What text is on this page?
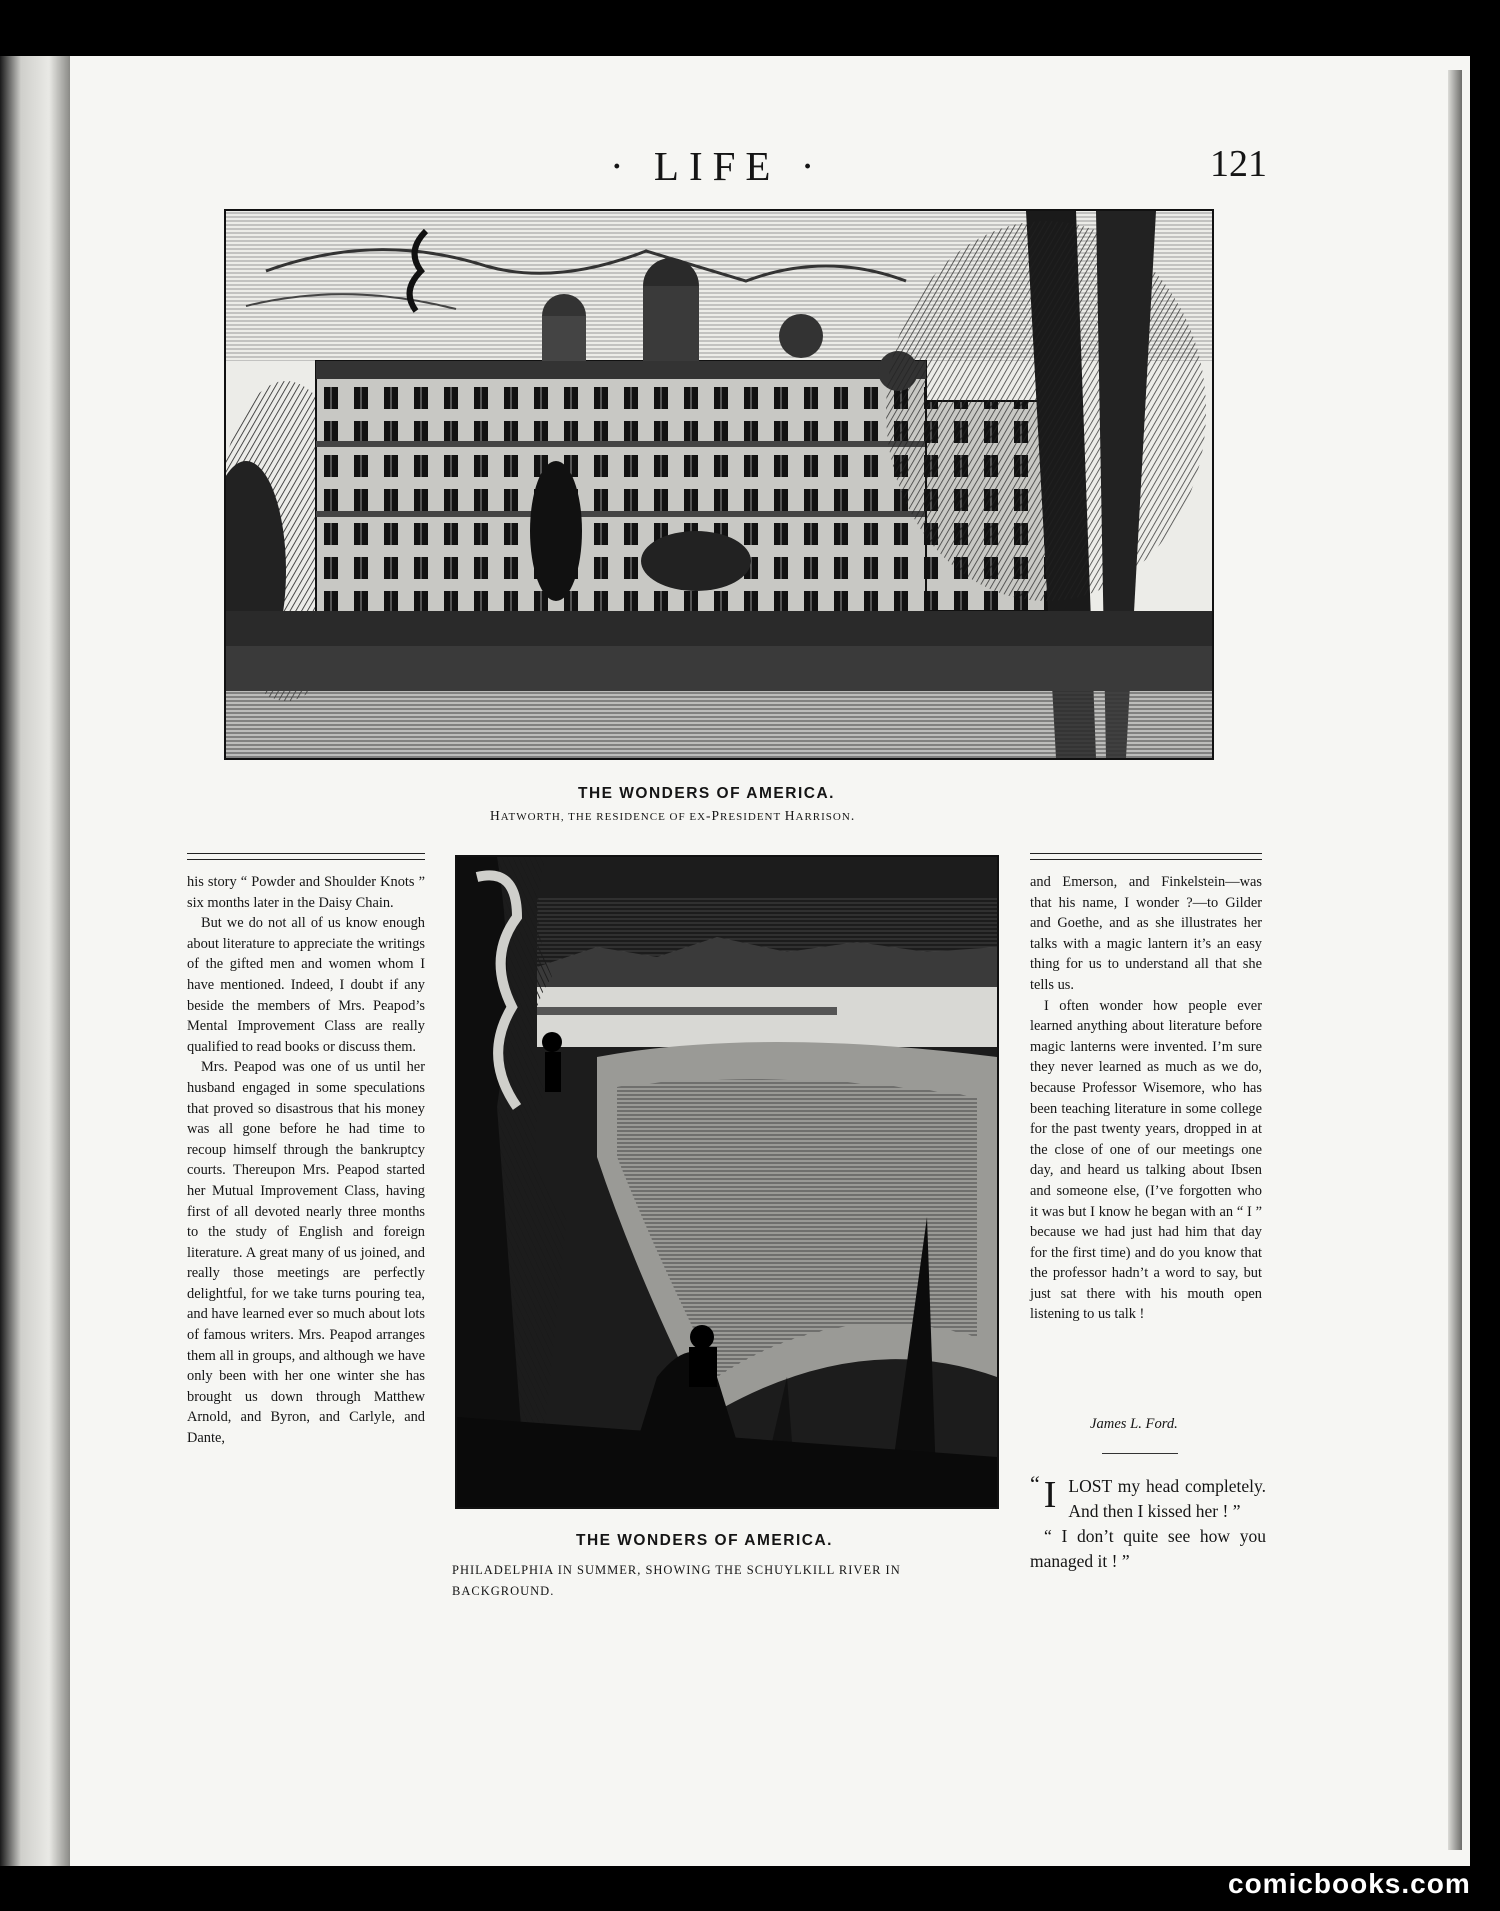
· LIFE ·	121
THE WONDERS OF AMERICA.
HATWORTH, THE RESIDENCE OF EX-PRESIDENT HARRISON.

his story “ Powder and Shoulder Knots ” six months later in the Daisy Chain.

But we do not all of us know enough about literature to appreciate the writings of the gifted men and women whom I have mentioned. Indeed, I doubt if any beside the members of Mrs. Peapod’s Mental Improvement Class are really qualified to read books or discuss them.

Mrs. Peapod was one of us until her husband engaged in some speculations that proved so disastrous that his money was all gone before he had time to recoup himself through the bankruptcy courts. Thereupon Mrs. Peapod started her Mutual Improvement Class, having first of all devoted nearly three months to the study of English and foreign literature. A great many of us joined, and really those meetings are perfectly delightful, for we take turns pouring tea, and have learned ever so much about lots of famous writers. Mrs. Peapod arranges them all in groups, and although we have only been with her one winter she has brought us down through Matthew Arnold, and Byron, and Carlyle, and Dante,

THE WONDERS OF AMERICA.
PHILADELPHIA IN SUMMER, SHOWING THE SCHUYLKILL RIVER IN
BACKGROUND.

and Emerson, and Finkelstein—was that his name, I wonder ?—to Gilder and Goethe, and as she illustrates her talks with a magic lantern it’s an easy thing for us to understand all that she tells us.

I often wonder how people ever learned anything about literature before magic lanterns were invented. I’m sure they never learned as much as we do, because Professor Wisemore, who has been teaching literature in some college for the past twenty years, dropped in at the close of one of our meetings one day, and heard us talking about Ibsen and someone else, (I’ve forgotten who it was but I know he began with an “ I ” because we had just had him that day for the first time) and do you know that the professor hadn’t a word to say, but just sat there with his mouth open listening to us talk !

James L. Ford.

“ I LOST my head completely. And then I kissed her ! ”

“ I don’t quite see how you managed it ! ”

comicbooks.com
